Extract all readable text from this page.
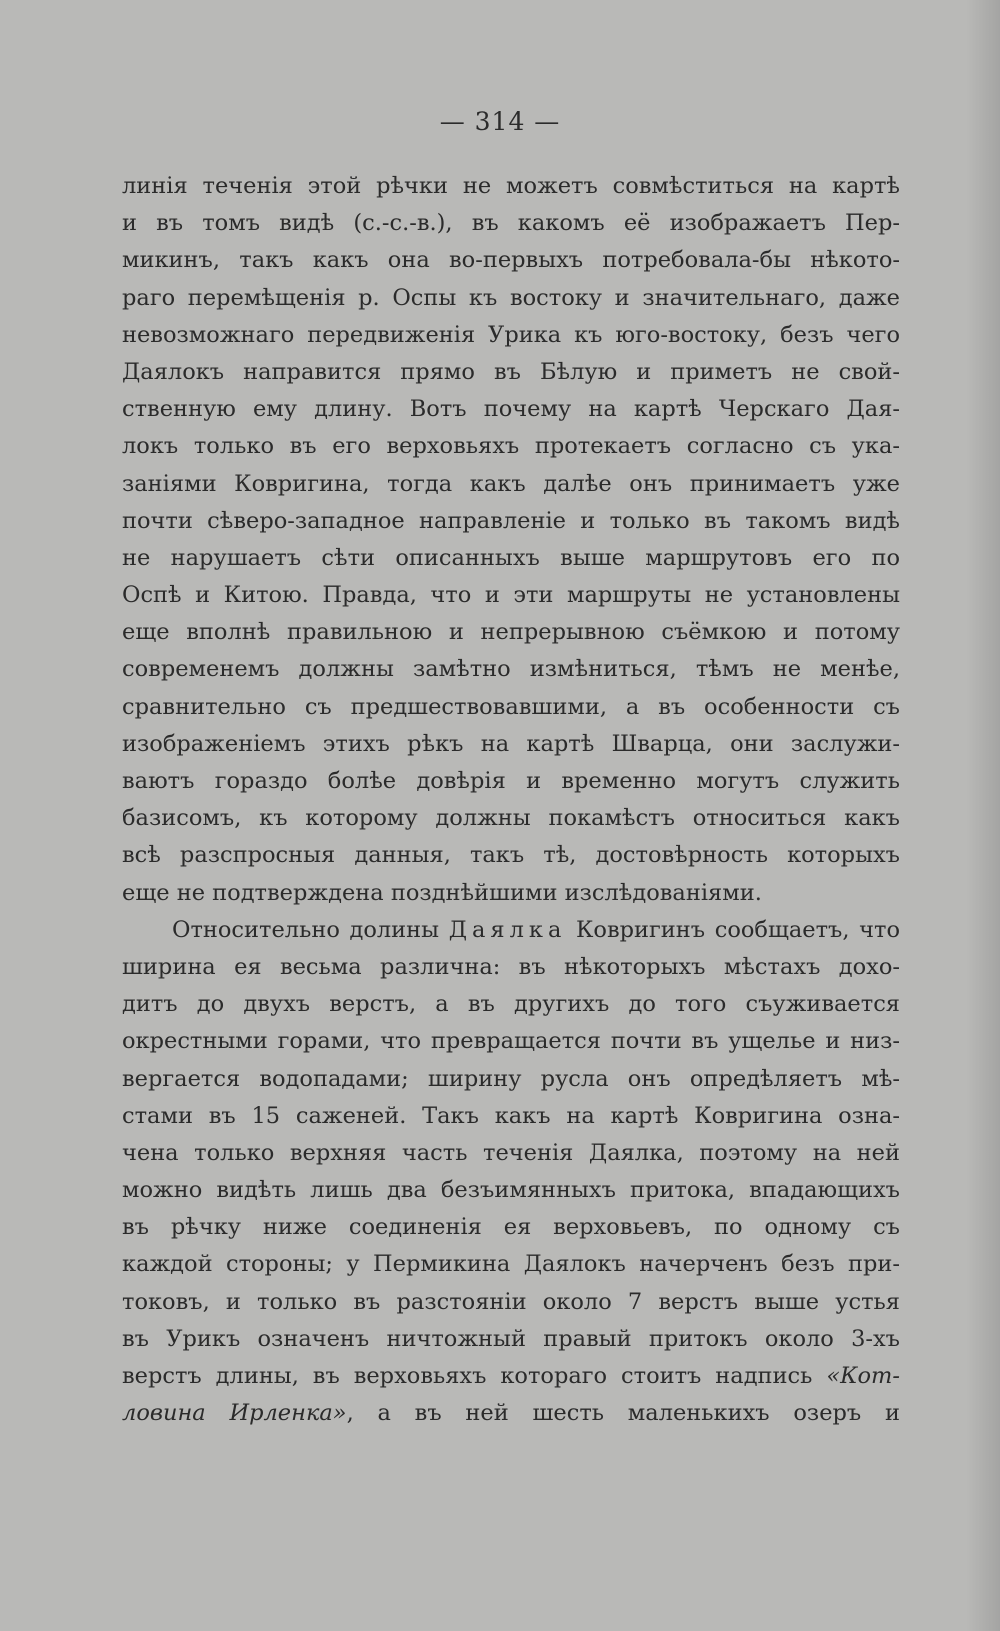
— 314 —
линія теченія этой рѣчки не можетъ совмѣститься на картѣ
и въ томъ видѣ (с.-с.-в.), въ какомъ её изображаетъ Пер-
микинъ, такъ какъ она во-первыхъ потребовала-бы нѣкото-
раго перемѣщенія р. Оспы къ востоку и значительнаго, даже
невозможнаго передвиженія Урика къ юго-востоку, безъ чего
Даялокъ направится прямо въ Бѣлую и приметъ не свой-
ственную ему длину. Вотъ почему на картѣ Черскаго Дая-
локъ только въ его верховьяхъ протекаетъ согласно съ ука-
заніями Ковригина, тогда какъ далѣе онъ принимаетъ уже
почти сѣверо-западное направленіе и только въ такомъ видѣ
не нарушаетъ сѣти описанныхъ выше маршрутовъ его по
Оспѣ и Китою. Правда, что и эти маршруты не установлены
еще вполнѣ правильною и непрерывною съёмкою и потому
современемъ должны замѣтно измѣниться, тѣмъ не менѣе,
сравнительно съ предшествовавшими, а въ особенности съ
изображеніемъ этихъ рѣкъ на картѣ Шварца, они заслужи-
ваютъ гораздо болѣе довѣрія и временно могутъ служить
базисомъ, къ которому должны покамѣстъ относиться какъ
всѣ разспросныя данныя, такъ тѣ, достовѣрность которыхъ
еще не подтверждена позднѣйшими изслѣдованіями.
Относительно долины Даялка Ковригинъ сообщаетъ, что
ширина ея весьма различна: въ нѣкоторыхъ мѣстахъ дохо-
дитъ до двухъ верстъ, а въ другихъ до того съуживается
окрестными горами, что превращается почти въ ущелье и низ-
вергается водопадами; ширину русла онъ опредѣляетъ мѣ-
стами въ 15 саженей. Такъ какъ на картѣ Ковригина озна-
чена только верхняя часть теченія Даялка, поэтому на ней
можно видѣть лишь два безъимянныхъ притока, впадающихъ
въ рѣчку ниже соединенія ея верховьевъ, по одному съ
каждой стороны; у Пермикина Даялокъ начерченъ безъ при-
токовъ, и только въ разстояніи около 7 верстъ выше устья
въ Урикъ означенъ ничтожный правый притокъ около 3-хъ
верстъ длины, въ верховьяхъ котораго стоитъ надпись «Кот-
ловина Ирленка», а въ ней шесть маленькихъ озеръ и
